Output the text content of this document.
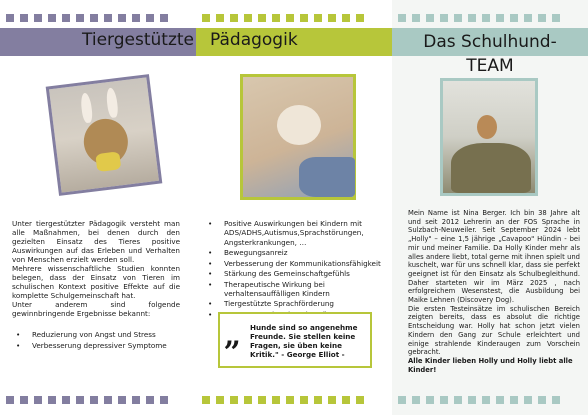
Tiergestützte

Unter tiergestützter Pädagogik versteht man alle Maßnahmen, bei denen durch den gezielten Einsatz des Tieres positive Auswirkungen auf das Erleben und Verhalten von Menschen erzielt werden soll.

Mehrere wissenschaftliche Studien konnten belegen, dass der Einsatz von Tieren im schulischen Kontext positive Effekte auf die komplette Schulgemeinschaft hat.

Unter anderem sind folgende gewinnbringende Ergebnisse bekannt:

• Reduzierung von Angst und Stress
• Verbesserung depressiver Symptome
Pädagogik
• Positive Auswirkungen bei Kindern mit ADS/ADHS,Autismus,Sprachstörungen, Angsterkrankungen, …
• Bewegungsanreiz
• Verbesserung der Kommunikationsfähigkeit
• Stärkung des Gemeinschaftgefühls
• Therapeutische Wirkung bei verhaltensauffälligen Kindern
• Tiergestützte Sprachförderung
•
„ Hunde sind so angenehme Freunde. Sie stellen keine Fragen, sie üben keine Kritik." - George Elliot -
Das Schulhund-
TEAM

Mein Name ist Nina Berger. Ich bin 38 Jahre alt und seit 2012 Lehrerin an der FOS Sprache in Sulzbach-Neuweiler. Seit September 2024 lebt „Holly" – eine 1,5 jährige „Cavapoo" Hündin - bei mir und meiner Familie. Da Holly Kinder mehr als alles andere liebt, total gerne mit ihnen spielt und kuschelt, war für uns schnell klar, dass sie perfekt geeignet ist für den Einsatz als Schulbegleithund. Daher starteten wir im März 2025 , nach erfolgreichem Wesenstest, die Ausbildung bei Maike Lehnen (Discovery Dog).

Die ersten Testeinsätze im schulischen Bereich zeigten bereits, dass es absolut die richtige Entscheidung war. Holly hat schon jetzt vielen Kindern den Gang zur Schule erleichtert und einige strahlende Kinderaugen zum Vorschein gebracht.

Alle Kinder lieben Holly und Holly liebt alle Kinder!
